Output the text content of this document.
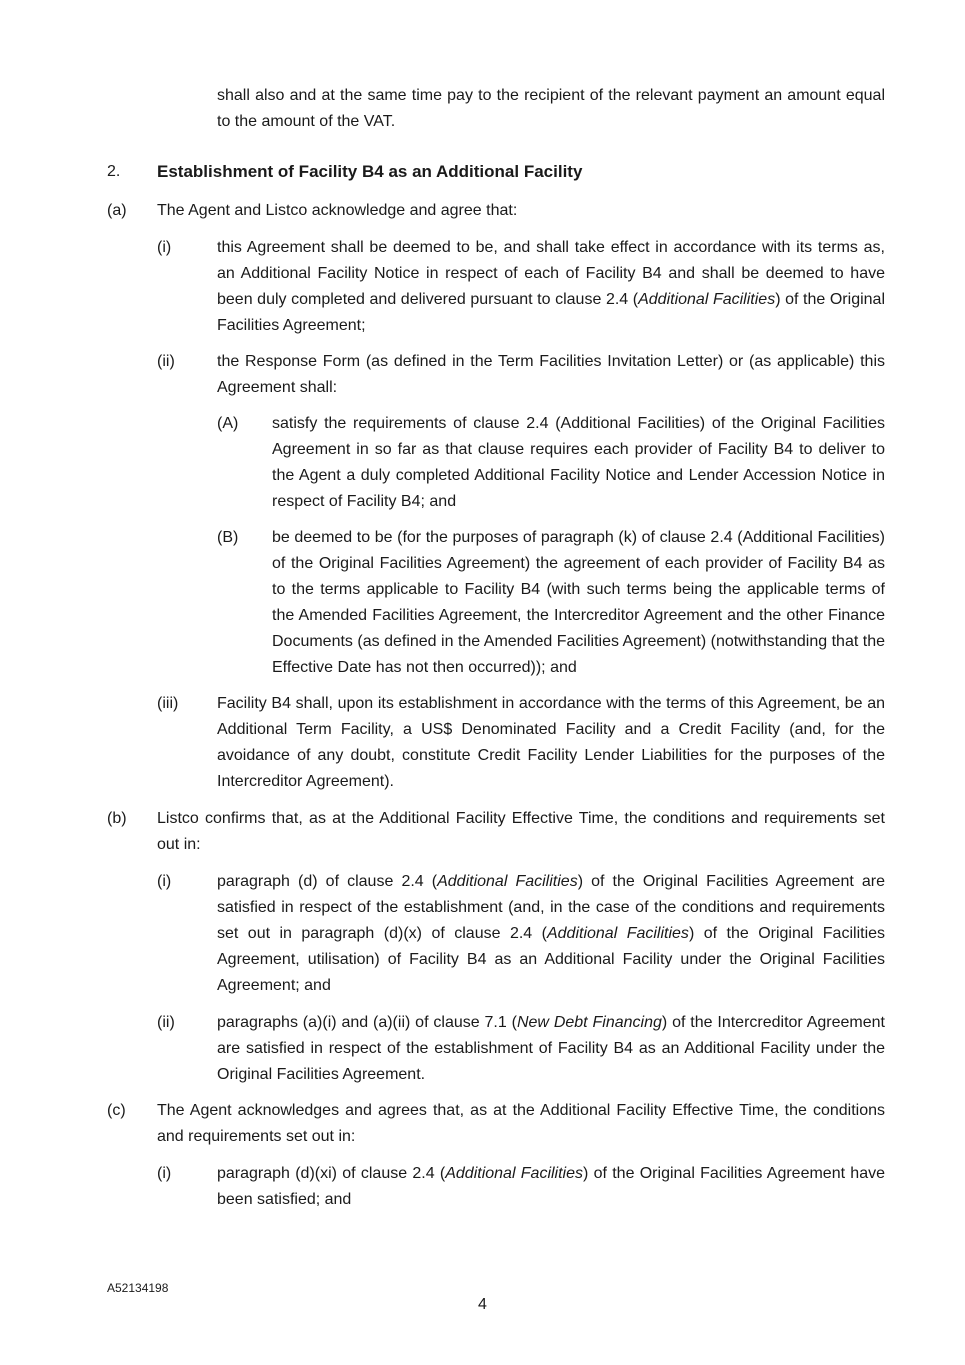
shall also and at the same time pay to the recipient of the relevant payment an amount equal to the amount of the VAT.

2. Establishment of Facility B4 as an Additional Facility
(a) The Agent and Listco acknowledge and agree that:

(i)	this Agreement shall be deemed to be, and shall take effect in accordance with its terms as, an Additional Facility Notice in respect of each of Facility B4 and shall be deemed to have been duly completed and delivered pursuant to clause 2.4 (Additional Facilities) of the Original Facilities Agreement;

(ii)	the Response Form (as defined in the Term Facilities Invitation Letter) or (as applicable) this Agreement shall:

(A) satisfy the requirements of clause 2.4 (Additional Facilities) of the Original Facilities Agreement in so far as that clause requires each provider of Facility B4 to deliver to the Agent a duly completed Additional Facility Notice and Lender Accession Notice in respect of Facility B4; and

(B) be deemed to be (for the purposes of paragraph (k) of clause 2.4 (Additional Facilities) of the Original Facilities Agreement) the agreement of each provider of Facility B4 as to the terms applicable to Facility B4 (with such terms being the applicable terms of the Amended Facilities Agreement, the Intercreditor Agreement and the other Finance Documents (as defined in the Amended Facilities Agreement) (notwithstanding that the Effective Date has not then occurred)); and

(iii) Facility B4 shall, upon its establishment in accordance with the terms of this Agreement, be an Additional Term Facility, a US$ Denominated Facility and a Credit Facility (and, for the avoidance of any doubt, constitute Credit Facility Lender Liabilities for the purposes of the Intercreditor Agreement).

(b) Listco confirms that, as at the Additional Facility Effective Time, the conditions and requirements set out in:

(i)	paragraph (d) of clause 2.4 (Additional Facilities) of the Original Facilities Agreement are satisfied in respect of the establishment (and, in the case of the conditions and requirements set out in paragraph (d)(x) of clause 2.4 (Additional Facilities) of the Original Facilities Agreement, utilisation) of Facility B4 as an Additional Facility under the Original Facilities Agreement; and

(ii)	paragraphs (a)(i) and (a)(ii) of clause 7.1 (New Debt Financing) of the Intercreditor Agreement are satisfied in respect of the establishment of Facility B4 as an Additional Facility under the Original Facilities Agreement.

(c) The Agent acknowledges and agrees that, as at the Additional Facility Effective Time, the conditions and requirements set out in:

(i)	paragraph (d)(xi) of clause 2.4 (Additional Facilities) of the Original Facilities Agreement have been satisfied; and

A52134198
4
